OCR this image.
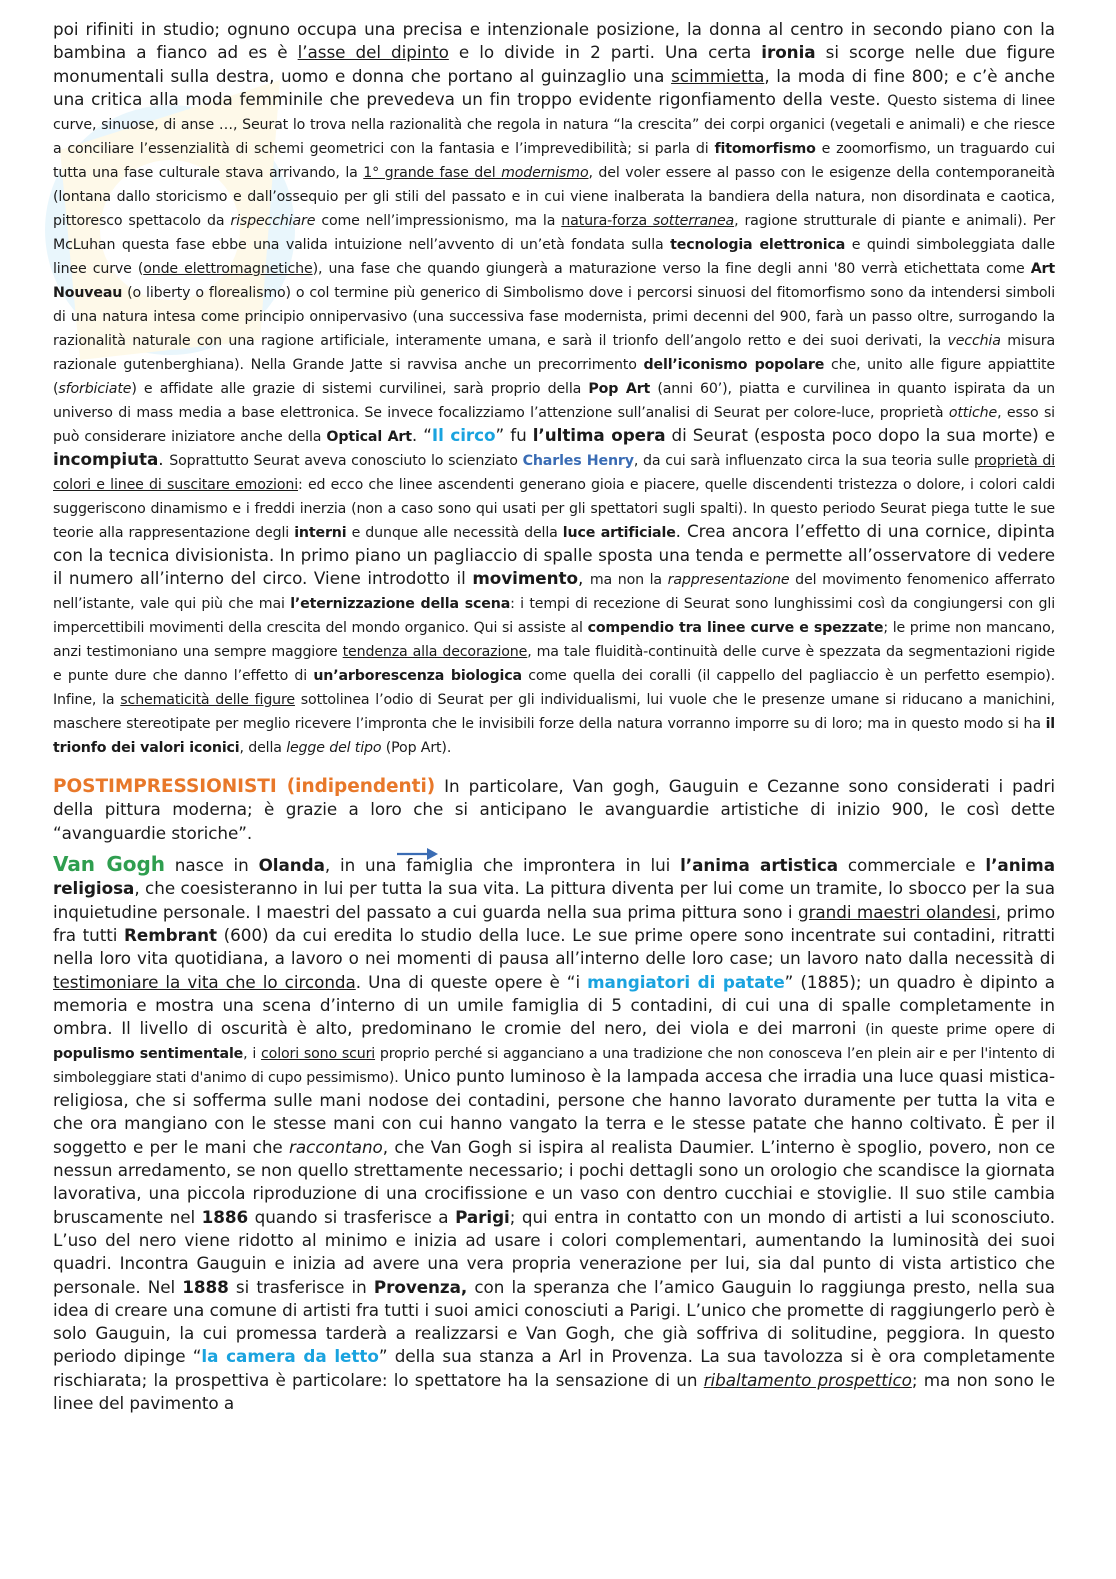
poi rifiniti in studio; ognuno occupa una precisa e intenzionale posizione, la donna al centro in secondo piano con la bambina a fianco ad es è l’asse del dipinto e lo divide in 2 parti. Una certa ironia si scorge nelle due figure monumentali sulla destra, uomo e donna che portano al guinzaglio una scimmietta, la moda di fine 800; e c’è anche una critica alla moda femminile che prevedeva un fin troppo evidente rigonfiamento della veste. Questo sistema di linee curve, sinuose, di anse …, Seurat lo trova nella razionalità che regola in natura “la crescita” dei corpi organici (vegetali e animali) e che riesce a conciliare l’essenzialità di schemi geometrici con la fantasia e l’imprevedibilità; si parla di fitomorfismo e zoomorfismo, un traguardo cui tutta una fase culturale stava arrivando, la 1° grande fase del modernismo, del voler essere al passo con le esigenze della contemporaneità (lontana dallo storicismo e dall’ossequio per gli stili del passato e in cui viene inalberata la bandiera della natura, non disordinata e caotica, pittoresco spettacolo da rispecchiare come nell’impressionismo, ma la natura-forza sotterranea, ragione strutturale di piante e animali). Per McLuhan questa fase ebbe una valida intuizione nell’avvento di un’età fondata sulla tecnologia elettronica e quindi simboleggiata dalle linee curve (onde elettromagnetiche), una fase che quando giungerà a maturazione verso la fine degli anni '80 verrà etichettata come Art Nouveau (o liberty o florealismo) o col termine più generico di Simbolismo dove i percorsi sinuosi del fitomorfismo sono da intendersi simboli di una natura intesa come principio onnipervasivo (una successiva fase modernista, primi decenni del 900, farà un passo oltre, surrogando la razionalità naturale con una ragione artificiale, interamente umana, e sarà il trionfo dell’angolo retto e dei suoi derivati, la vecchia misura razionale gutenberghiana). Nella Grande Jatte si ravvisa anche un precorrimento dell’iconismo popolare che, unito alle figure appiattite (sforbiciate) e affidate alle grazie di sistemi curvilinei, sarà proprio della Pop Art (anni 60’), piatta e curvilinea in quanto ispirata da un universo di mass media a base elettronica. Se invece focalizziamo l’attenzione sull’analisi di Seurat per colore-luce, proprietà ottiche, esso si può considerare iniziatore anche della Optical Art. “Il circo” fu l’ultima opera di Seurat (esposta poco dopo la sua morte) e incompiuta. Soprattutto Seurat aveva conosciuto lo scienziato Charles Henry, da cui sarà influenzato circa la sua teoria sulle proprietà di colori e linee di suscitare emozioni: ed ecco che linee ascendenti generano gioia e piacere, quelle discendenti tristezza o dolore, i colori caldi suggeriscono dinamismo e i freddi inerzia (non a caso sono qui usati per gli spettatori sugli spalti). In questo periodo Seurat piega tutte le sue teorie alla rappresentazione degli interni e dunque alle necessità della luce artificiale. Crea ancora l’effetto di una cornice, dipinta con la tecnica divisionista. In primo piano un pagliaccio di spalle sposta una tenda e permette all’osservatore di vedere il numero all’interno del circo. Viene introdotto il movimento, ma non la rappresentazione del movimento fenomenico afferrato nell’istante, vale qui più che mai l’eternizzazione della scena: i tempi di recezione di Seurat sono lunghissimi così da congiungersi con gli impercettibili movimenti della crescita del mondo organico. Qui si assiste al compendio tra linee curve e spezzate; le prime non mancano, anzi testimoniano una sempre maggiore tendenza alla decorazione, ma tale fluidità-continuità delle curve è spezzata da segmentazioni rigide e punte dure che danno l’effetto di un’arborescenza biologica come quella dei coralli (il cappello del pagliaccio è un perfetto esempio). Infine, la schematicità delle figure sottolinea l’odio di Seurat per gli individualismi, lui vuole che le presenze umane si riducano a manichini, maschere stereotipate per meglio ricevere l’impronta che le invisibili forze della natura vorranno imporre su di loro; ma in questo modo si ha il trionfo dei valori iconici, della legge del tipo (Pop Art).

POSTIMPRESSIONISTI (indipendenti) In particolare, Van gogh, Gauguin e Cezanne sono considerati i padri della pittura moderna; è grazie a loro che si anticipano le avanguardie artistiche di inizio 900, le così dette “avanguardie storiche”.

Van Gogh nasce in Olanda, in una famiglia che improntera in lui l’anima artistica commerciale e l’anima religiosa, che coesisteranno in lui per tutta la sua vita. La pittura diventa per lui come un tramite, lo sbocco per la sua inquietudine personale. I maestri del passato a cui guarda nella sua prima pittura sono i grandi maestri olandesi, primo fra tutti Rembrant (600) da cui eredita lo studio della luce. Le sue prime opere sono incentrate sui contadini, ritratti nella loro vita quotidiana, a lavoro o nei momenti di pausa all’interno delle loro case; un lavoro nato dalla necessità di testimoniare la vita che lo circonda. Una di queste opere è “i mangiatori di patate” (1885); un quadro è dipinto a memoria e mostra una scena d’interno di un umile famiglia di 5 contadini, di cui una di spalle completamente in ombra. Il livello di oscurità è alto, predominano le cromie del nero, dei viola e dei marroni (in queste prime opere di populismo sentimentale, i colori sono scuri proprio perché si agganciano a una tradizione che non conosceva l’en plein air e per l'intento di simboleggiare stati d'animo di cupo pessimismo). Unico punto luminoso è la lampada accesa che irradia una luce quasi mistica-religiosa, che si sofferma sulle mani nodose dei contadini, persone che hanno lavorato duramente per tutta la vita e che ora mangiano con le stesse mani con cui hanno vangato la terra e le stesse patate che hanno coltivato. È per il soggetto e per le mani che raccontano, che Van Gogh si ispira al realista Daumier. L’interno è spoglio, povero, non ce nessun arredamento, se non quello strettamente necessario; i pochi dettagli sono un orologio che scandisce la giornata lavorativa, una piccola riproduzione di una crocifissione e un vaso con dentro cucchiai e stoviglie. Il suo stile cambia bruscamente nel 1886 quando si trasferisce a Parigi; qui entra in contatto con un mondo di artisti a lui sconosciuto. L’uso del nero viene ridotto al minimo e inizia ad usare i colori complementari, aumentando la luminosità dei suoi quadri. Incontra Gauguin e inizia ad avere una vera propria venerazione per lui, sia dal punto di vista artistico che personale. Nel 1888 si trasferisce in Provenza, con la speranza che l’amico Gauguin lo raggiunga presto, nella sua idea di creare una comune di artisti fra tutti i suoi amici conosciuti a Parigi. L’unico che promette di raggiungerlo però è solo Gauguin, la cui promessa tarderà a realizzarsi e Van Gogh, che già soffriva di solitudine, peggiora. In questo periodo dipinge “la camera da letto” della sua stanza a Arl in Provenza. La sua tavolozza si è ora completamente rischiarata; la prospettiva è particolare: lo spettatore ha la sensazione di un ribaltamento prospettico; ma non sono le linee del pavimento a
